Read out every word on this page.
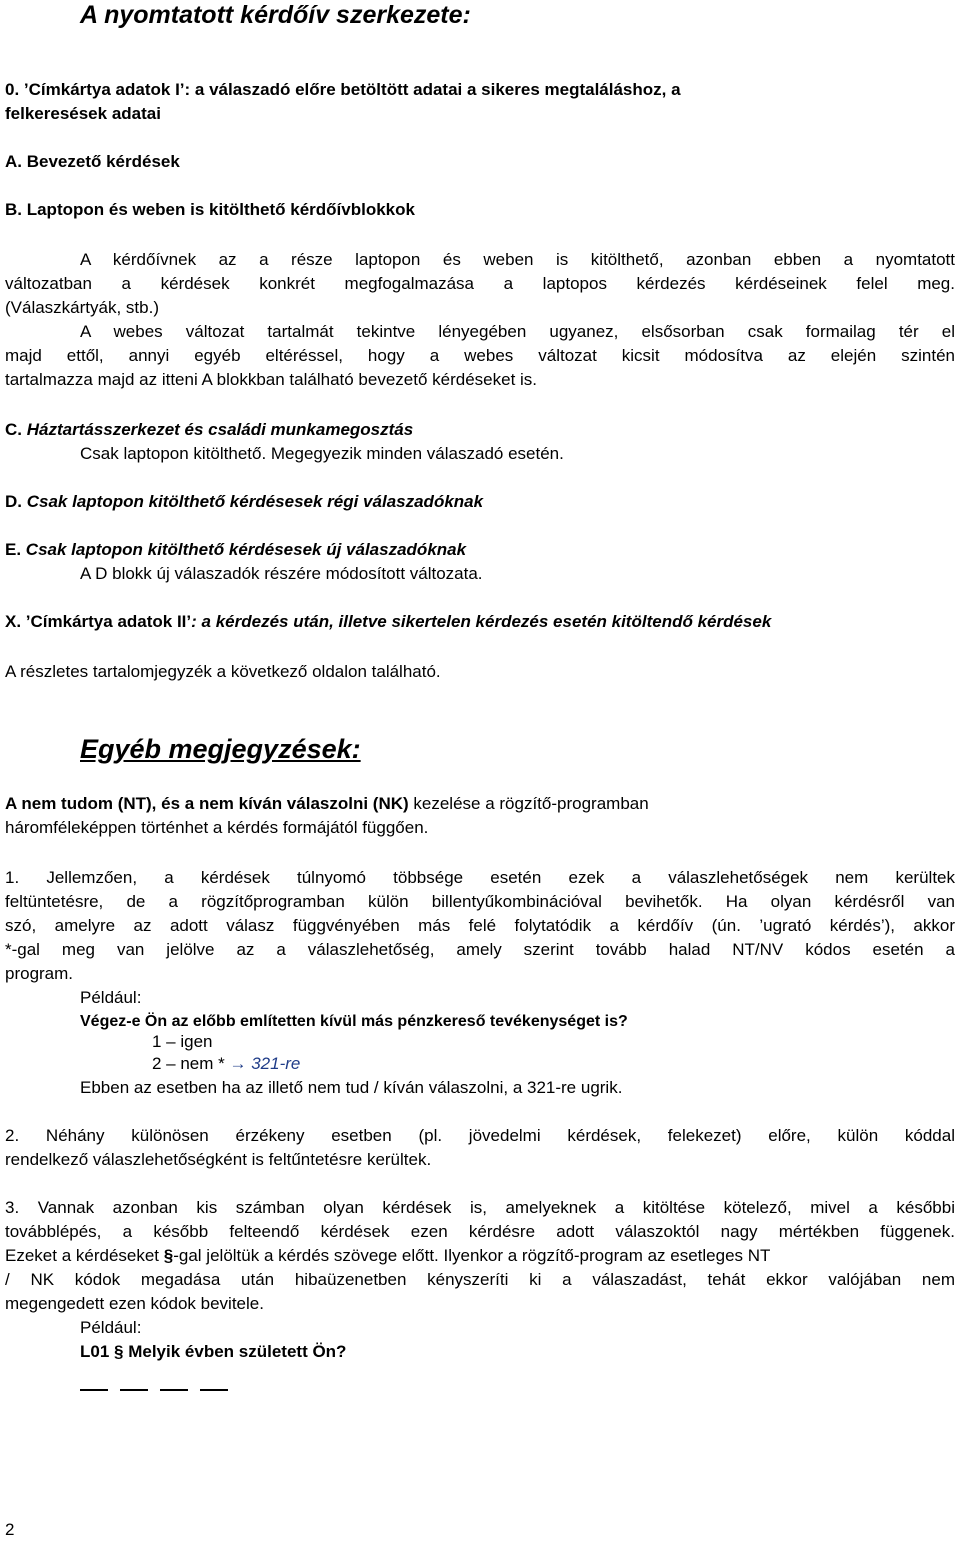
A nyomtatott kérdőív szerkezete:
0. ’Címkártya adatok I’: a válaszadó előre betöltött adatai a sikeres megtaláláshoz, a
felkeresések adatai
A. Bevezető kérdések
B. Laptopon és weben is kitölthető kérdőívblokkok
A kérdőívnek az a része laptopon és weben is kitölthető, azonban ebben a nyomtatott
változatban a kérdések konkrét megfogalmazása a laptopos kérdezés kérdéseinek felel meg.
(Válaszkártyák, stb.)
A webes változat tartalmát tekintve lényegében ugyanez, elsősorban csak formailag tér el
majd ettől, annyi egyéb eltéréssel, hogy a webes változat kicsit módosítva az elején szintén
tartalmazza majd az itteni A blokkban található bevezető kérdéseket is.
C. Háztartásszerkezet és családi munkamegosztás
Csak laptopon kitölthető. Megegyezik minden válaszadó esetén.
D. Csak laptopon kitölthető kérdésesek régi válaszadóknak
E. Csak laptopon kitölthető kérdésesek új válaszadóknak
A D blokk új válaszadók részére módosított változata.
X. ’Címkártya adatok II’: a kérdezés után, illetve sikertelen kérdezés esetén kitöltendő kérdések
A részletes tartalomjegyzék a következő oldalon található.
Egyéb megjegyzések:
A nem tudom (NT), és a nem kíván válaszolni (NK) kezelése a rögzítő-programban
háromféleképpen történhet a kérdés formájától függően.
1. Jellemzően, a kérdések túlnyomó többsége esetén ezek a válaszlehetőségek nem kerültek
feltüntetésre, de a rögzítőprogramban külön billentyűkombinációval bevihetők. Ha olyan kérdésről van
szó, amelyre az adott válasz függvényében más felé folytatódik a kérdőív (ún. ’ugrató kérdés’), akkor
*-gal meg van jelölve az a válaszlehetőség, amely szerint tovább halad NT/NV kódos esetén a
program.
Például:
Végez-e Ön az előbb említetten kívül más pénzkereső tevékenységet is?
1 – igen
2 – nem * → 321-re
Ebben az esetben ha az illető nem tud / kíván válaszolni, a 321-re ugrik.
2. Néhány különösen érzékeny esetben (pl. jövedelmi kérdések, felekezet) előre, külön kóddal
rendelkező válaszlehetőségként is feltűntetésre kerültek.
3. Vannak azonban kis számban olyan kérdések is, amelyeknek a kitöltése kötelező, mivel a későbbi
továbblépés, a később felteendő kérdések ezen kérdésre adott válaszoktól nagy mértékben függenek.
Ezeket a kérdéseket §-gal jelöltük a kérdés szövege előtt. Ilyenkor a rögzítő-program az esetleges NT
/ NK kódok megadása után hibaüzenetben kényszeríti ki a válaszadást, tehát ekkor valójában nem
megengedett ezen kódok bevitele.
Például:
L01 § Melyik évben született Ön?
2
